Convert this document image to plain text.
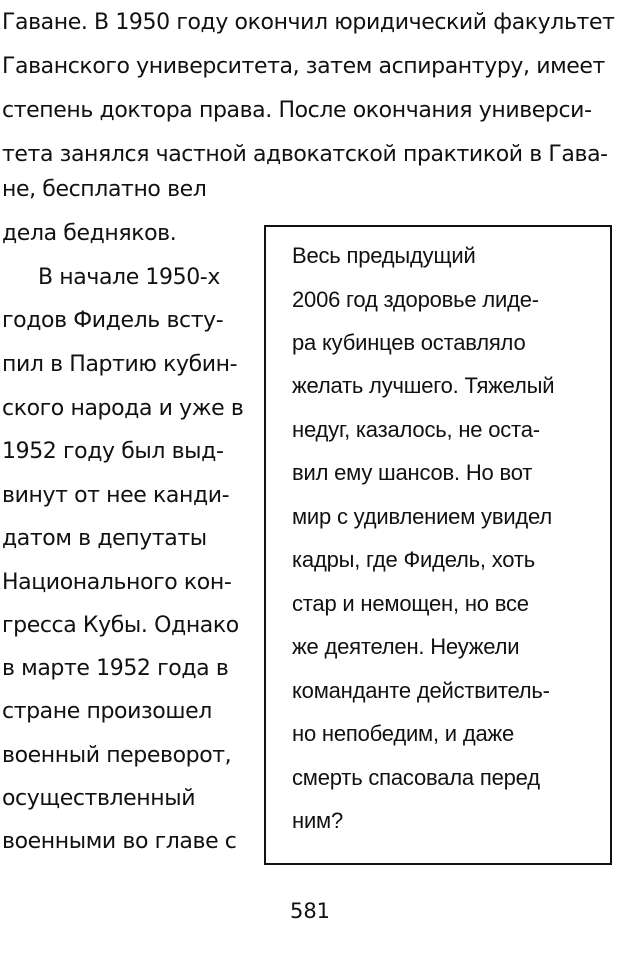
Гаване. В 1950 году окончил юридический факультет
Гаванского университета, затем аспирантуру, имеет
степень доктора права. После окончания универси-
тета занялся частной адвокатской практикой в Гава-
не, бесплатно вел
дела бедняков.
В начале 1950-х
годов Фидель всту-
пил в Партию кубин-
ского народа и уже в
1952 году был выд-
винут от нее канди-
датом в депутаты
Национального кон-
гресса Кубы. Однако
в марте 1952 года в
стране произошел
военный переворот,
осуществленный
военными во главе с
Весь предыдущий
2006 год здоровье лиде-
ра кубинцев оставляло
желать лучшего. Тяжелый
недуг, казалось, не оста-
вил ему шансов. Но вот
мир с удивлением увидел
кадры, где Фидель, хоть
стар и немощен, но все
же деятелен. Неужели
команданте действитель-
но непобедим, и даже
смерть спасовала перед
ним?
581
